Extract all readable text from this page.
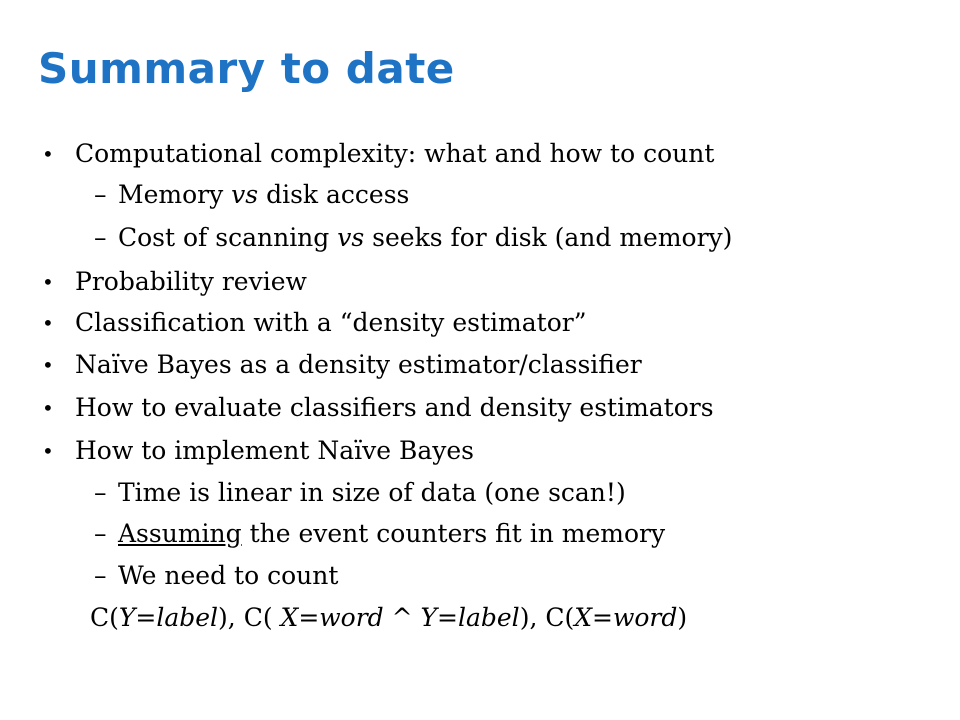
Summary to date
• Computational complexity: what and how to count
– Memory vs disk access
– Cost of scanning vs seeks for disk (and memory)
• Probability review
• Classification with a “density estimator”
• Naïve Bayes as a density estimator/classifier
• How to evaluate classifiers and density estimators
• How to implement Naïve Bayes
– Time is linear in size of data (one scan!)
– Assuming the event counters fit in memory
– We need to count
C(Y=label), C( X=word ^ Y=label), C(X=word)
